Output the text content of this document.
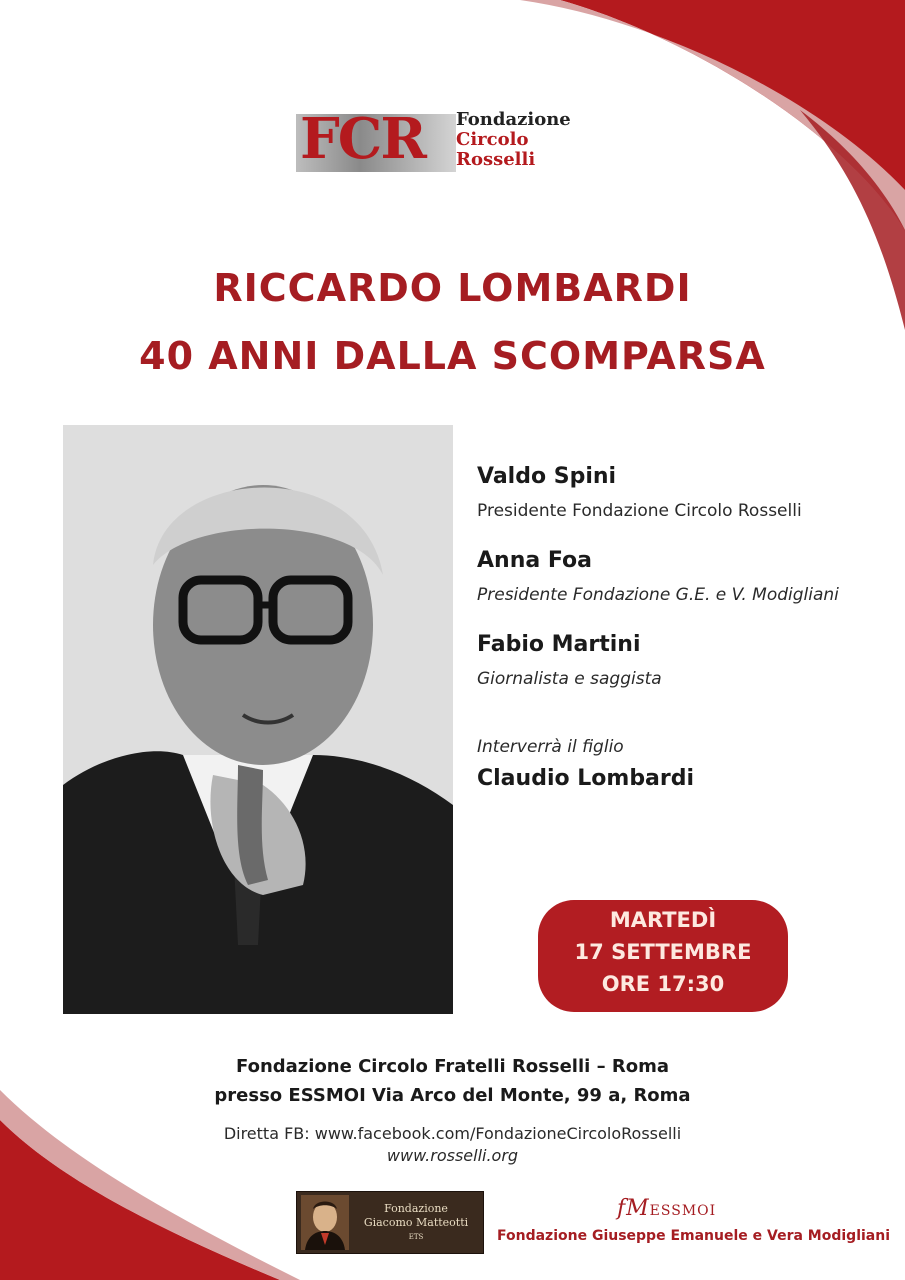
FCR Fondazione
Circolo
Rosselli
RICCARDO LOMBARDI
40 ANNI DALLA SCOMPARSA
Valdo Spini
Presidente Fondazione Circolo Rosselli
Anna Foa
Presidente Fondazione G.E. e V. Modigliani
Fabio Martini
Giornalista e saggista
Interverrà il figlio
Claudio Lombardi
MARTEDÌ
17 SETTEMBRE
ORE 17:30
Fondazione Circolo Fratelli Rosselli – Roma
presso ESSMOI Via Arco del Monte, 99 a, Roma
Diretta FB: www.facebook.com/FondazioneCircoloRosselli
www.rosselli.org
Fondazione
Giacomo Matteotti
ETS
fMESSMOI
Fondazione Giuseppe Emanuele e Vera Modigliani
